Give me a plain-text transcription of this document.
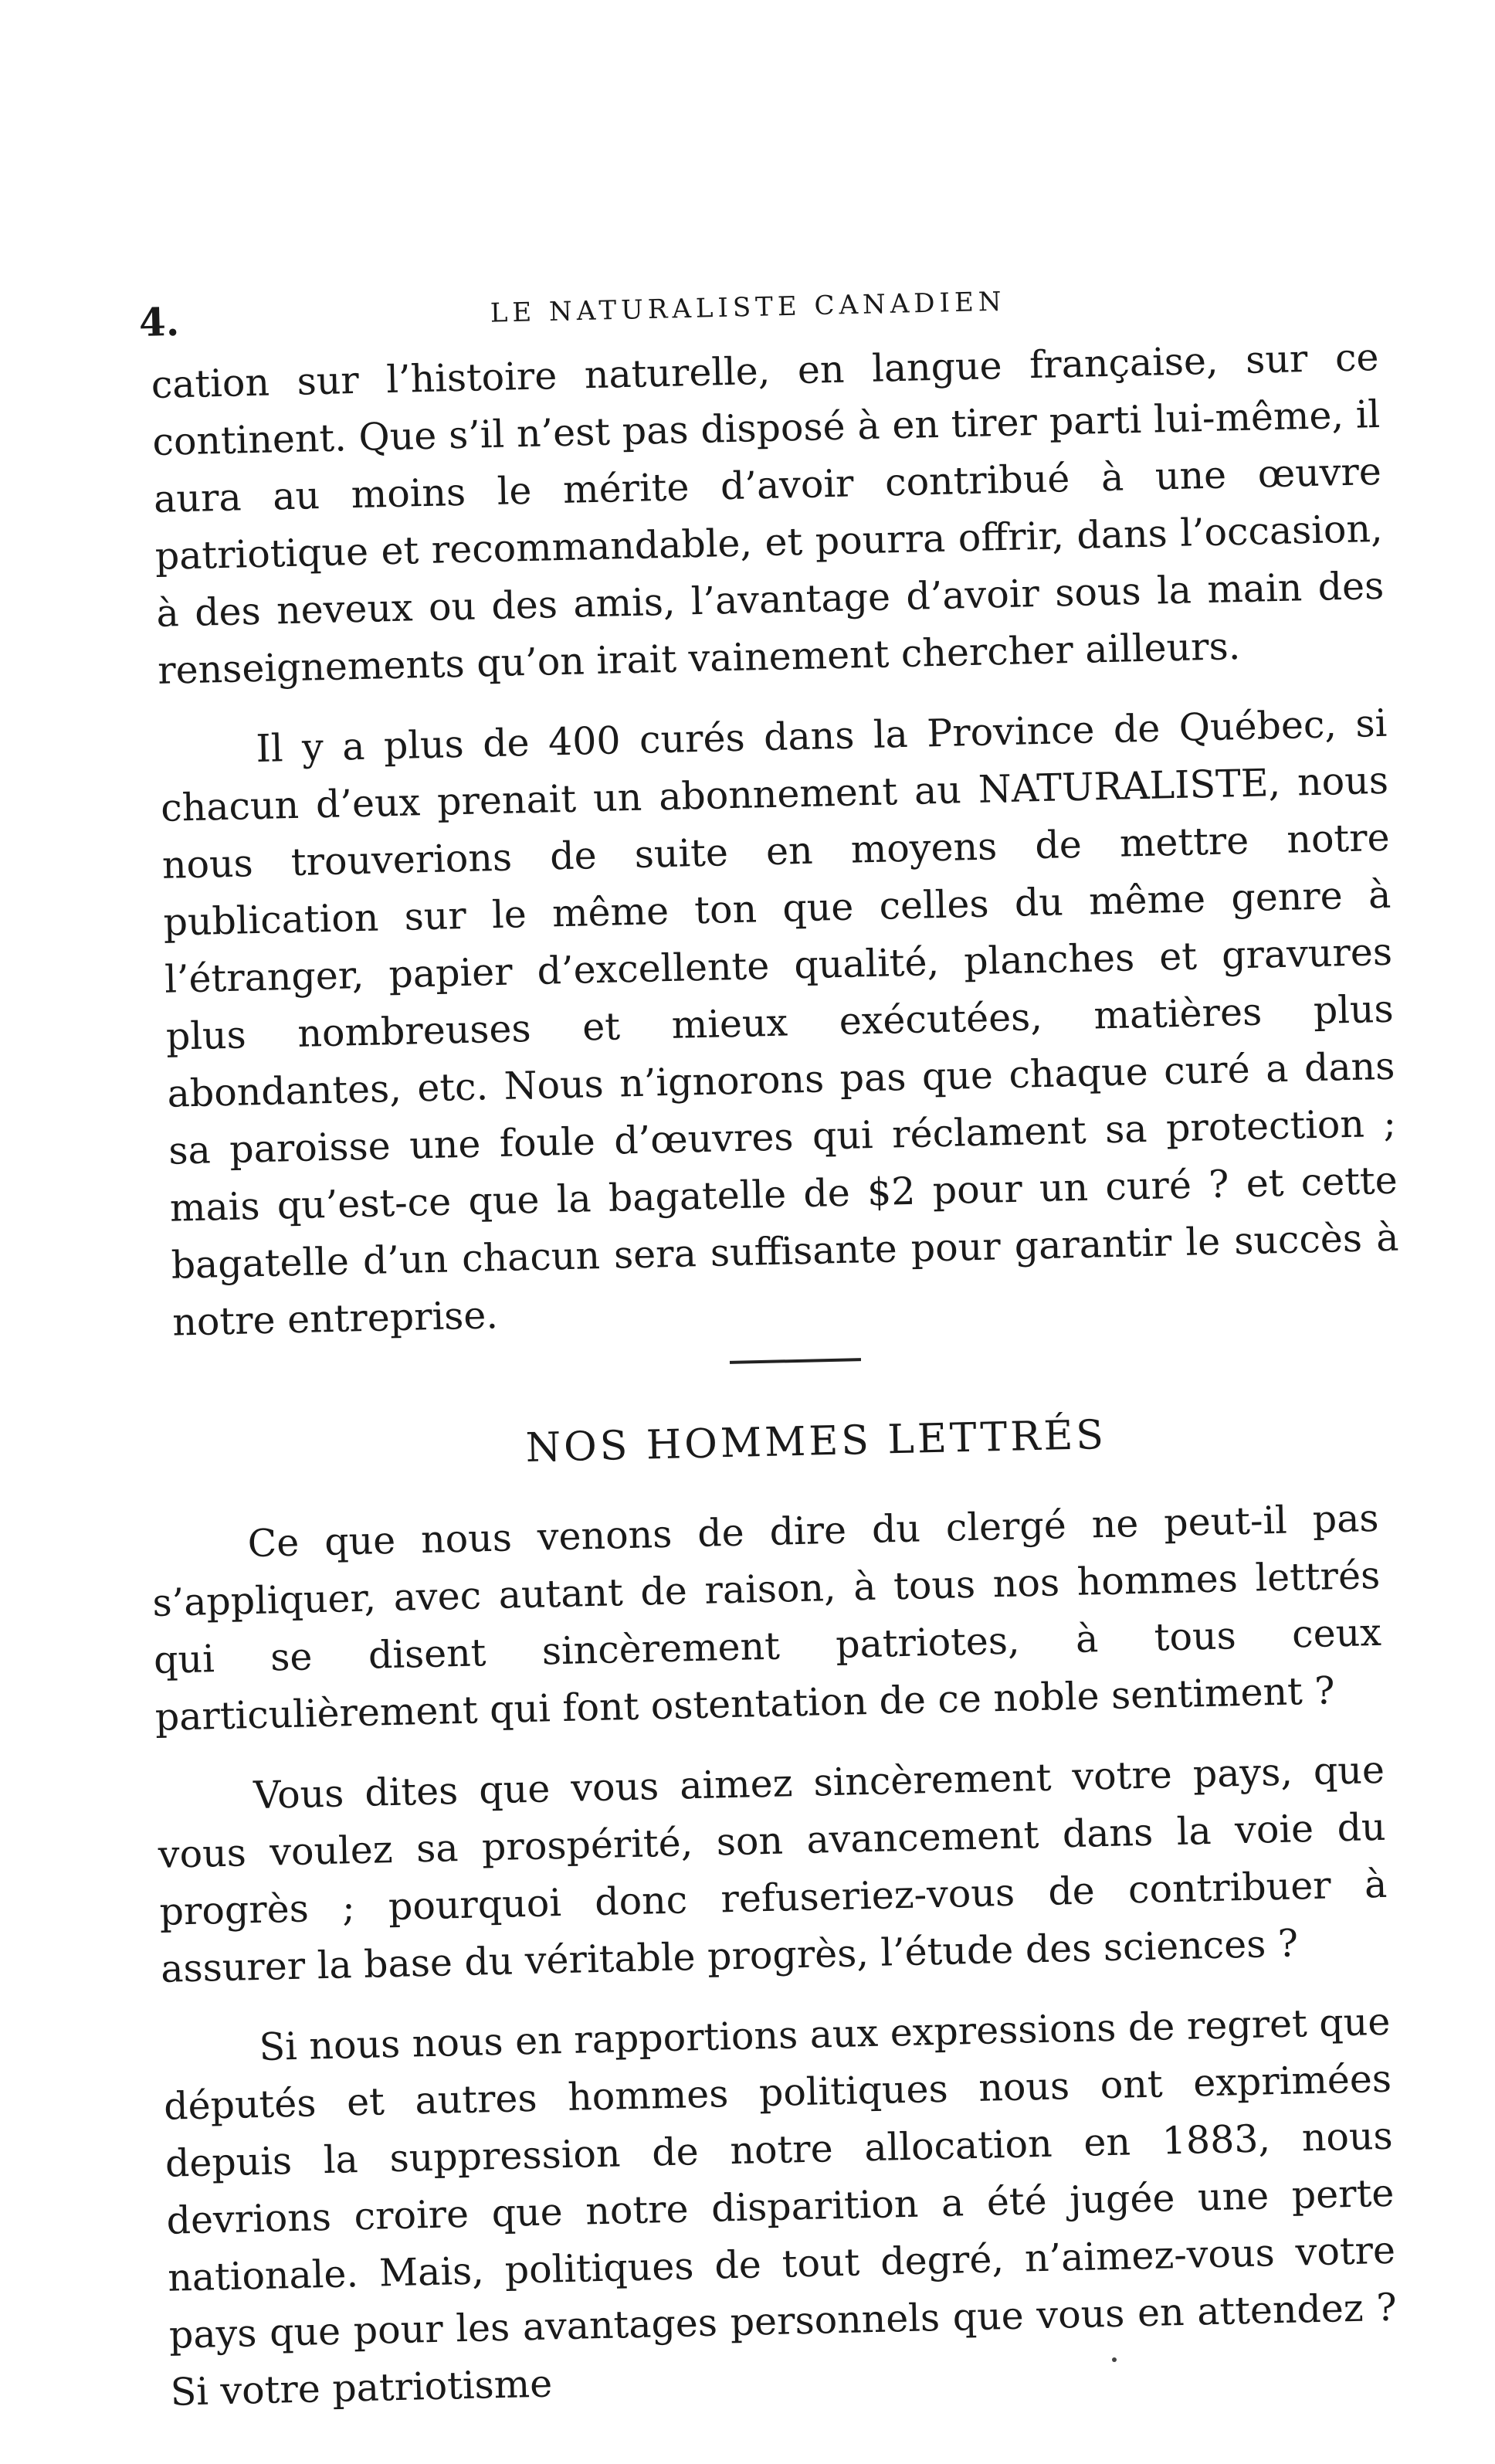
4.	LE NATURALISTE CANADIEN

cation sur l’histoire naturelle, en langue française, sur ce continent. Que s’il n’est pas disposé à en tirer parti lui-même, il aura au moins le mérite d’avoir contribué à une œuvre patriotique et recommandable, et pourra offrir, dans l’occasion, à des neveux ou des amis, l’avantage d’avoir sous la main des renseignements qu’on irait vainement chercher ailleurs.

Il y a plus de 400 curés dans la Province de Québec, si chacun d’eux prenait un abonnement au NATURALISTE, nous nous trouverions de suite en moyens de mettre notre publication sur le même ton que celles du même genre à l’étranger, papier d’excellente qualité, planches et gravures plus nombreuses et mieux exécutées, matières plus abondantes, etc. Nous n’ignorons pas que chaque curé a dans sa paroisse une foule d’œuvres qui réclament sa protection ; mais qu’est-ce que la bagatelle de $2 pour un curé ? et cette bagatelle d’un chacun sera suffisante pour garantir le succès à notre entreprise.

NOS HOMMES LETTRÉS

Ce que nous venons de dire du clergé ne peut-il pas s’appliquer, avec autant de raison, à tous nos hommes lettrés qui se disent sincèrement patriotes, à tous ceux particulièrement qui font ostentation de ce noble sentiment ?

Vous dites que vous aimez sincèrement votre pays, que vous voulez sa prospérité, son avancement dans la voie du progrès ; pourquoi donc refuseriez-vous de contribuer à assurer la base du véritable progrès, l’étude des sciences ?

Si nous nous en rapportions aux expressions de regret que députés et autres hommes politiques nous ont exprimées depuis la suppression de notre allocation en 1883, nous devrions croire que notre disparition a été jugée une perte nationale. Mais, politiques de tout degré, n’aimez-vous votre pays que pour les avantages personnels que vous en attendez ? Si votre patriotisme
